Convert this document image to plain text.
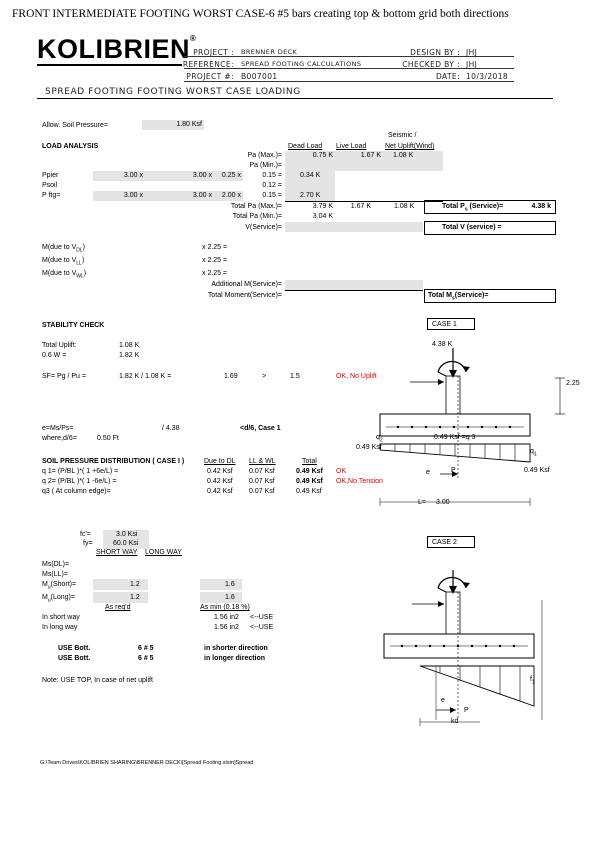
FRONT INTERMEDIATE FOOTING WORST CASE-6 #5 bars creating top & bottom grid both directions
KOLIBRIEN®
PROJECT : BRENNER DECK
REFERENCE: SPREAD FOOTING CALCULATIONS
PROJECT #: B007001
DESIGN BY : JHJ
CHECKED BY : JHJ
DATE: 10/3/2018
SPREAD FOOTING FOOTING WORST CASE LOADING
Allow. Soil Pressure=	1.80 Ksf
LOAD ANALYSIS	Dead Load Live Load
Seismic /
Net Uplift(Wind)
Pa (Max.)=	0.75 K	1.67 K	1.08 K
Pa (Min.)=
Ppier	3.00 x	3.00 x	0.25 x	0.15 =	0.34 K
Psoil	0.12 =
P ftg=	3.00 x	3.00 x	2.00 x	0.15 =	2.70 K
Total Pa (Max.)=	3.79 K	1.67 K	1.08 K	Total $P_s$ (Service)=	4.38 k
Total Pa (Min.)=	3.04 K
V(Service)=	Total V (service) =
M(due to $V_{DL}$)	x 2.25 =
M(due to $V_{LL}$)	x 2.25 =
M(due to $V_{WL}$)	x 2.25 =
Additional M(Service)=
Total Moment(Service)=	Total $M_s(Service)=$
STABILITY CHECK
Total Uplift:	1.08 K
0.6 W =	1.82 K
SF= Pg / Pu =	1.82 K / 1.08 K =	1.69	>	1.5	OK, No Uplift
e=Ms/Ps=	/ 4.38	<d/6, Case 1
where,d/6=	0.50 Ft
SOIL PRESSURE DISTRIBUTION ( CASE I )	Due to DL LL & WL	Total
q 1= (P/BL )*( 1 +6e/L) =	0.42 Ksf 0.07 Ksf	0.49 Ksf OK
q 2= (P/BL )*( 1 -6e/L) =	0.42 Ksf 0.07 Ksf	0.49 Ksf OK,No Tension
q3 ( At column edge)=	0.42 Ksf 0.07 Ksf	0.49 Ksf
CASE 1
4.38 K
2.25
$q_2$	0.49 Ksf =q 3
0.49 Ksf
$q_1$
0.49 Ksf
e	P
L= 3.00
fc'=	3.0 Ksi
fy=	60.0 Ksi
SHORT WAY LONG WAY
Ms(DL)=
Ms(LL)=
$M_u(Short)=$	1.2	1.6
$M_u(Long)=$	1.2	1.6
As req'd	As min (0.18 %)
In short way	1.56 in2 <--USE
In long way	1.56 in2 <--USE
USE Bott.	6 # 5	in shorter direction
USE Bott.	6 # 5	in longer direction
Note: USE TOP, In case of net uplift
CASE 2
e
P
kd
$f_1$
G:\Team Drives\KOLIBRIEN SHARING\BRENNER DECK\[Spread Footing.xlsm]Spread
